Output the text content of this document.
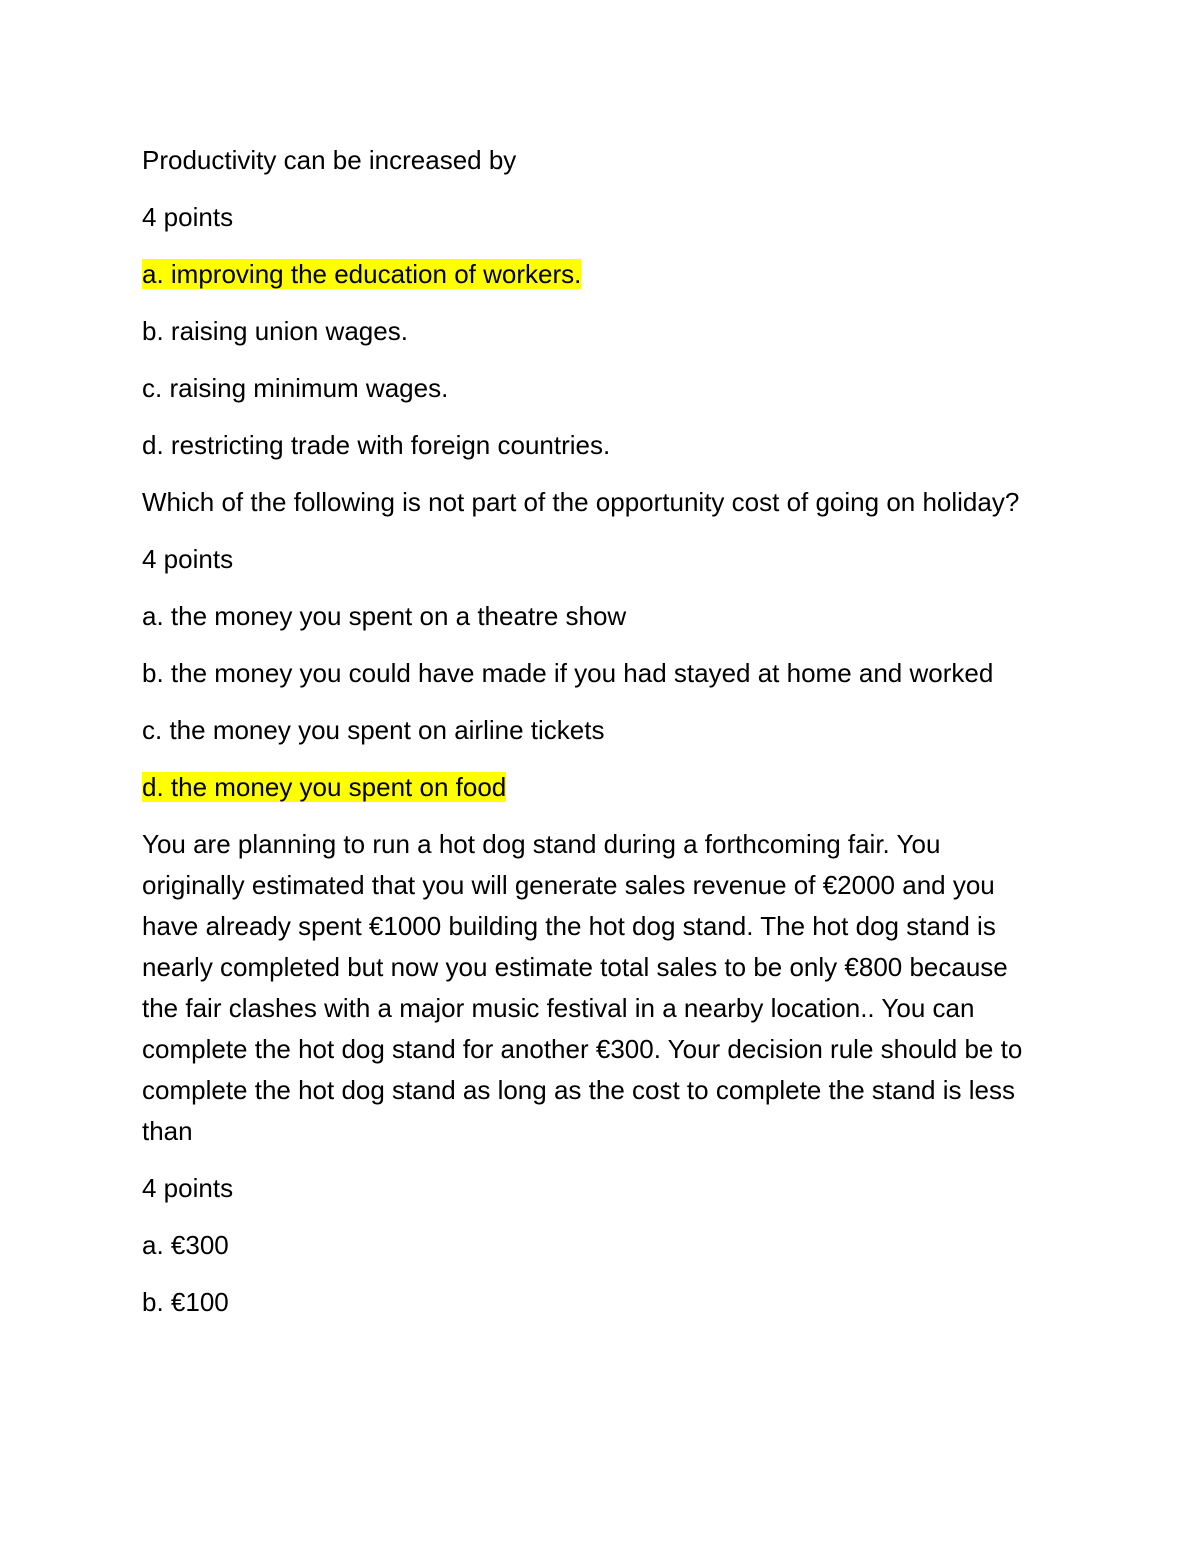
Productivity can be increased by

4 points

a. improving the education of workers.

b. raising union wages.

c. raising minimum wages.

d. restricting trade with foreign countries.

Which of the following is not part of the opportunity cost of going on holiday?

4 points

a. the money you spent on a theatre show

b. the money you could have made if you had stayed at home and worked

c. the money you spent on airline tickets

d. the money you spent on food

You are planning to run a hot dog stand during a forthcoming fair. You originally estimated that you will generate sales revenue of €2000 and you have already spent €1000 building the hot dog stand. The hot dog stand is nearly completed but now you estimate total sales to be only €800 because the fair clashes with a major music festival in a nearby location.. You can complete the hot dog stand for another €300. Your decision rule should be to complete the hot dog stand as long as the cost to complete the stand is less than

4 points

a. €300

b. €100
